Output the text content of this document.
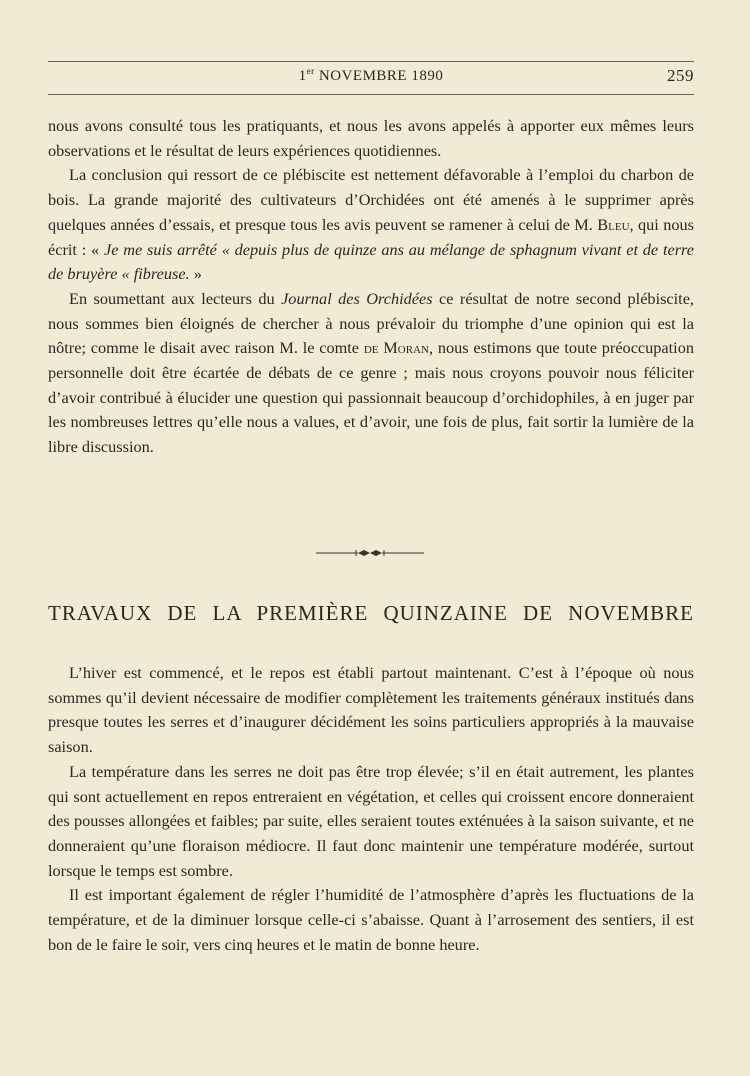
1er NOVEMBRE 1890	259

nous avons consulté tous les pratiquants, et nous les avons appelés à apporter eux mêmes leurs observations et le résultat de leurs expériences quotidiennes.

La conclusion qui ressort de ce plébiscite est nettement défavorable à l’emploi du charbon de bois. La grande majorité des cultivateurs d’Orchidées ont été amenés à le supprimer après quelques années d’essais, et presque tous les avis peuvent se ramener à celui de M. Bleu, qui nous écrit : « Je me suis arrêté « depuis plus de quinze ans au mélange de sphagnum vivant et de terre de bruyère « fibreuse. »

En soumettant aux lecteurs du Journal des Orchidées ce résultat de notre second plébiscite, nous sommes bien éloignés de chercher à nous prévaloir du triomphe d’une opinion qui est la nôtre; comme le disait avec raison M. le comte de Moran, nous estimons que toute préoccupation personnelle doit être écartée de débats de ce genre ; mais nous croyons pouvoir nous féliciter d’avoir contribué à élucider une question qui passionnait beaucoup d’orchidophiles, à en juger par les nombreuses lettres qu’elle nous a values, et d’avoir, une fois de plus, fait sortir la lumière de la libre discussion.

TRAVAUX DE LA PREMIÈRE QUINZAINE DE NOVEMBRE

L’hiver est commencé, et le repos est établi partout maintenant. C’est à l’époque où nous sommes qu’il devient nécessaire de modifier complètement les traitements généraux institués dans presque toutes les serres et d’inaugurer décidément les soins particuliers appropriés à la mauvaise saison.

La température dans les serres ne doit pas être trop élevée; s’il en était autrement, les plantes qui sont actuellement en repos entreraient en végétation, et celles qui croissent encore donneraient des pousses allongées et faibles; par suite, elles seraient toutes exténuées à la saison suivante, et ne donneraient qu’une floraison médiocre. Il faut donc maintenir une température modérée, surtout lorsque le temps est sombre.

Il est important également de régler l’humidité de l’atmosphère d’après les fluctuations de la température, et de la diminuer lorsque celle-ci s’abaisse. Quant à l’arrosement des sentiers, il est bon de le faire le soir, vers cinq heures et le matin de bonne heure.
